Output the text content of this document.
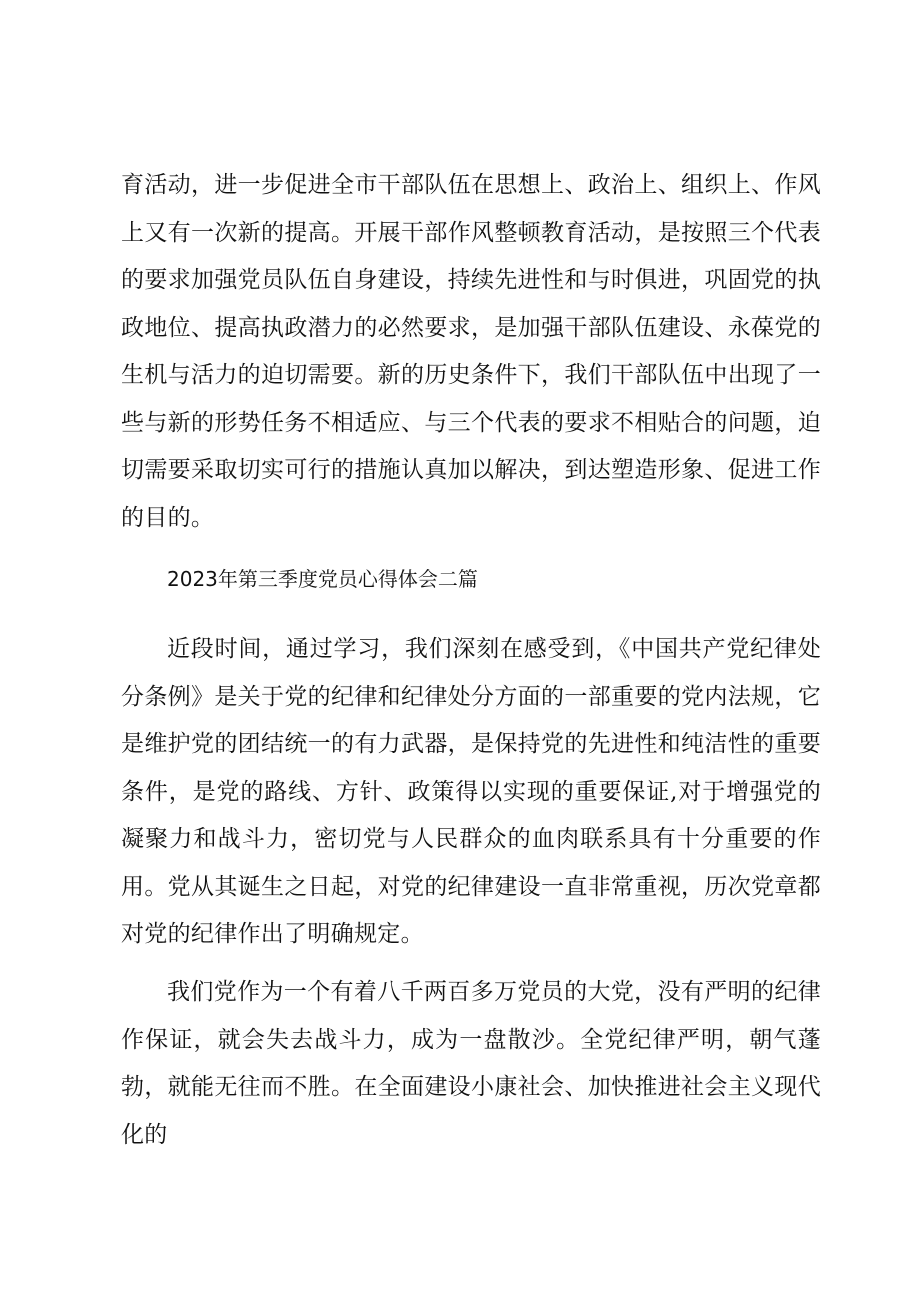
育活动，进一步促进全市干部队伍在思想上、政治上、组织上、作风上又有一次新的提高。开展干部作风整顿教育活动，是按照三个代表的要求加强党员队伍自身建设，持续先进性和与时俱进，巩固党的执政地位、提高执政潜力的必然要求，是加强干部队伍建设、永葆党的生机与活力的迫切需要。新的历史条件下，我们干部队伍中出现了一些与新的形势任务不相适应、与三个代表的要求不相贴合的问题，迫切需要采取切实可行的措施认真加以解决，到达塑造形象、促进工作的目的。

2023年第三季度党员心得体会二篇

近段时间，通过学习，我们深刻在感受到，《中国共产党纪律处分条例》是关于党的纪律和纪律处分方面的一部重要的党内法规，它是维护党的团结统一的有力武器，是保持党的先进性和纯洁性的重要条件，是党的路线、方针、政策得以实现的重要保证,对于增强党的凝聚力和战斗力，密切党与人民群众的血肉联系具有十分重要的作用。党从其诞生之日起，对党的纪律建设一直非常重视，历次党章都对党的纪律作出了明确规定。

我们党作为一个有着八千两百多万党员的大党，没有严明的纪律作保证，就会失去战斗力，成为一盘散沙。全党纪律严明，朝气蓬勃，就能无往而不胜。在全面建设小康社会、加快推进社会主义现代化的
